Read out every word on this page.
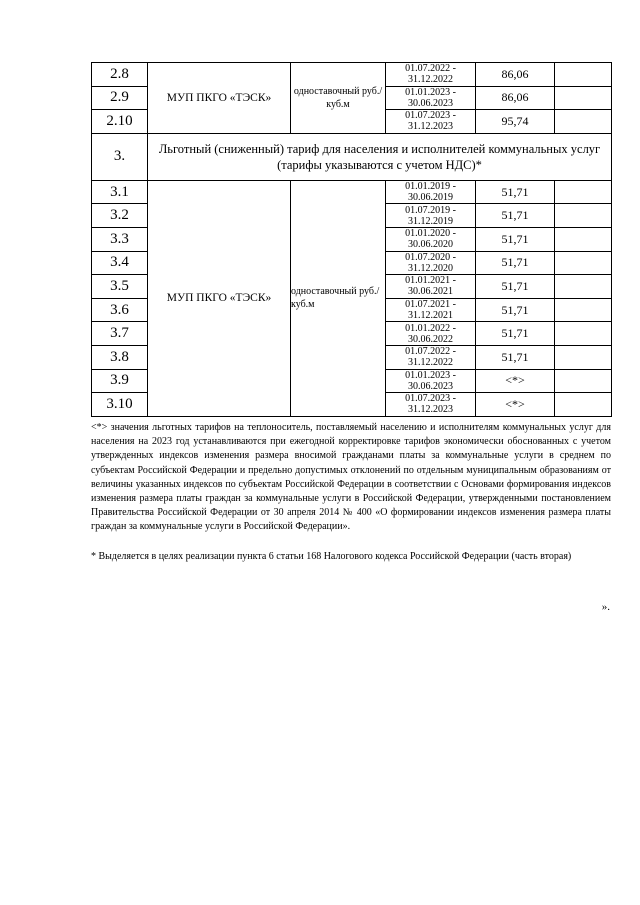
2.8	МУП ПКГО «ТЭСК»	одноставочный руб./куб.м	01.07.2022 - 31.12.2022	86,06	
2.9			01.01.2023 - 30.06.2023	86,06	
2.10			01.07.2023 - 31.12.2023	95,74	
3.	Льготный (сниженный) тариф для населения и исполнителей коммунальных услуг (тарифы указываются с учетом НДС)*				
3.1	МУП ПКГО «ТЭСК»	одноставочный руб./куб.м	01.01.2019 - 30.06.2019	51,71	
3.2			01.07.2019 - 31.12.2019	51,71	
3.3			01.01.2020 - 30.06.2020	51,71	
3.4			01.07.2020 - 31.12.2020	51,71	
3.5			01.01.2021 - 30.06.2021	51,71	
3.6			01.07.2021 - 31.12.2021	51,71	
3.7			01.01.2022 - 30.06.2022	51,71	
3.8			01.07.2022 - 31.12.2022	51,71	
3.9			01.01.2023 - 30.06.2023	<*>	
3.10			01.07.2023 - 31.12.2023	<*>	

<*> значения льготных тарифов на теплоноситель, поставляемый населению и исполнителям коммунальных услуг для населения на 2023 год устанавливаются при ежегодной корректировке тарифов экономически обоснованных с учетом утвержденных индексов изменения размера вносимой гражданами платы за коммунальные услуги в среднем по субъектам Российской Федерации и предельно допустимых отклонений по отдельным муниципальным образованиям от величины указанных индексов по субъектам Российской Федерации в соответствии с Основами формирования индексов изменения размера платы граждан за коммунальные услуги в Российской Федерации, утвержденными постановлением Правительства Российской Федерации от 30 апреля 2014 № 400 «О формировании индексов изменения размера платы граждан за коммунальные услуги в Российской Федерации».

* Выделяется в целях реализации пункта 6 статьи 168 Налогового кодекса Российской Федерации (часть вторая)

».
